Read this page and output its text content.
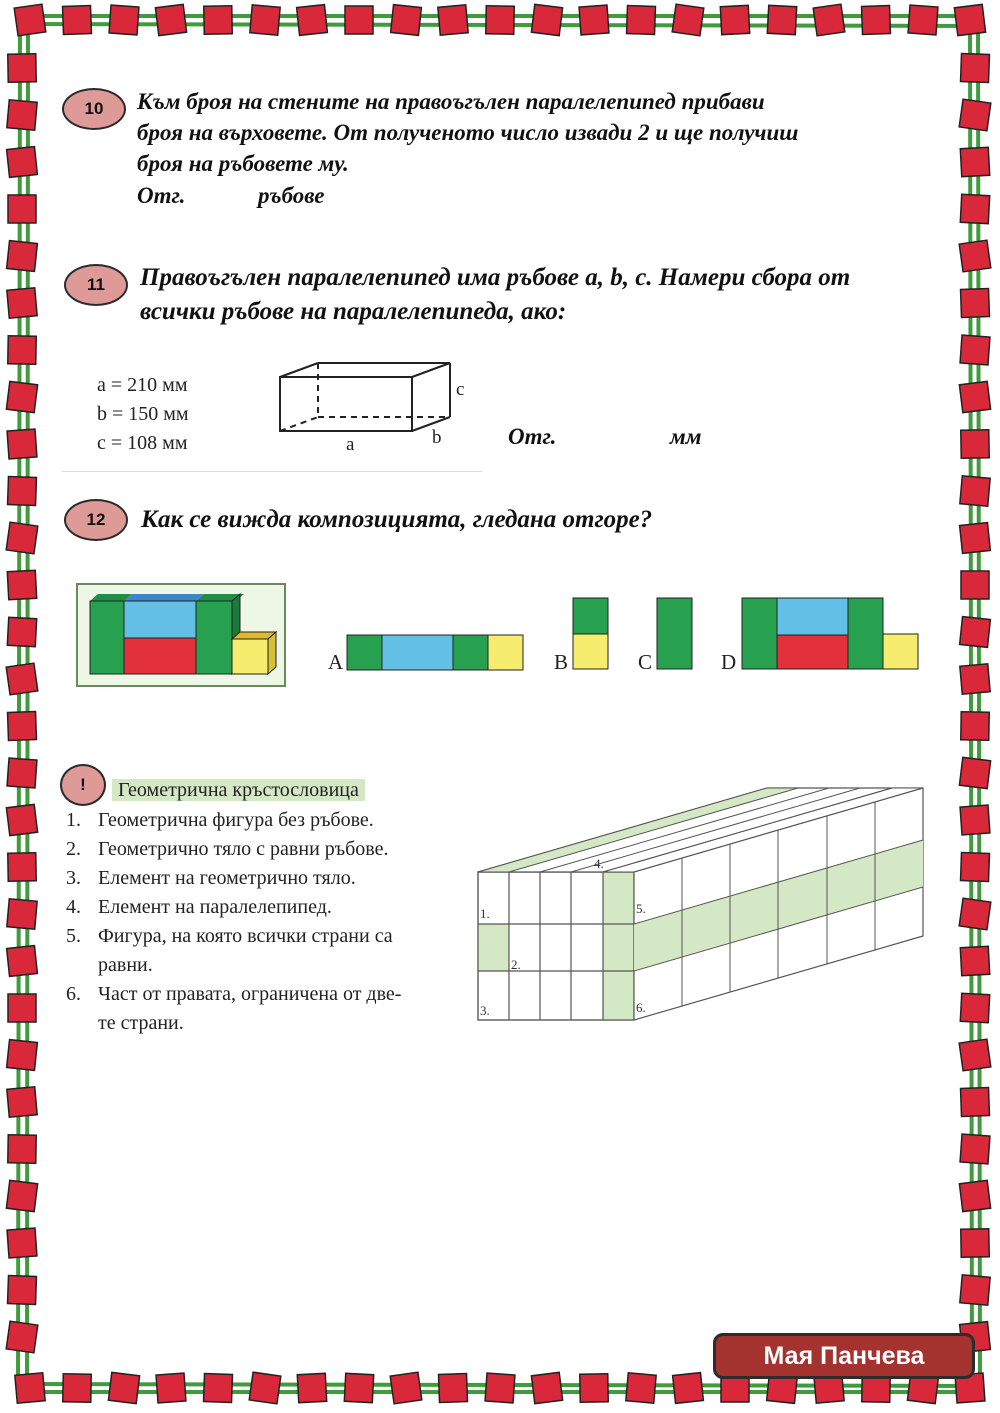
10 Към броя на стените на правоъгълен паралелепипед прибави
броя на върховете. От полученото число извади 2 и ще получиш
броя на ръбовете му.
Отг.	ръбове
11 Правоъгълен паралелепипед има ръбове a, b, c. Намери сбора от
всички ръбове на паралелепипеда, ако:
a = 210 мм
b = 150 мм
c = 108 мм	a	b
c
Отг.	мм
12 Как се вижда композицията, гледана отгоре?
A	B	C	D
!	Геометрична кръстословица
1. Геометрична фигура без ръбове.
2. Геометрично тяло с равни ръбове.
3. Елемент на геометрично тяло.
4. Елемент на паралелепипед.
5. Фигура, на която всички страни са
равни.
6. Част от правата, ограничена от две-
те страни.
1.
2.
3.
4.
5.
6.
Мая Панчева
